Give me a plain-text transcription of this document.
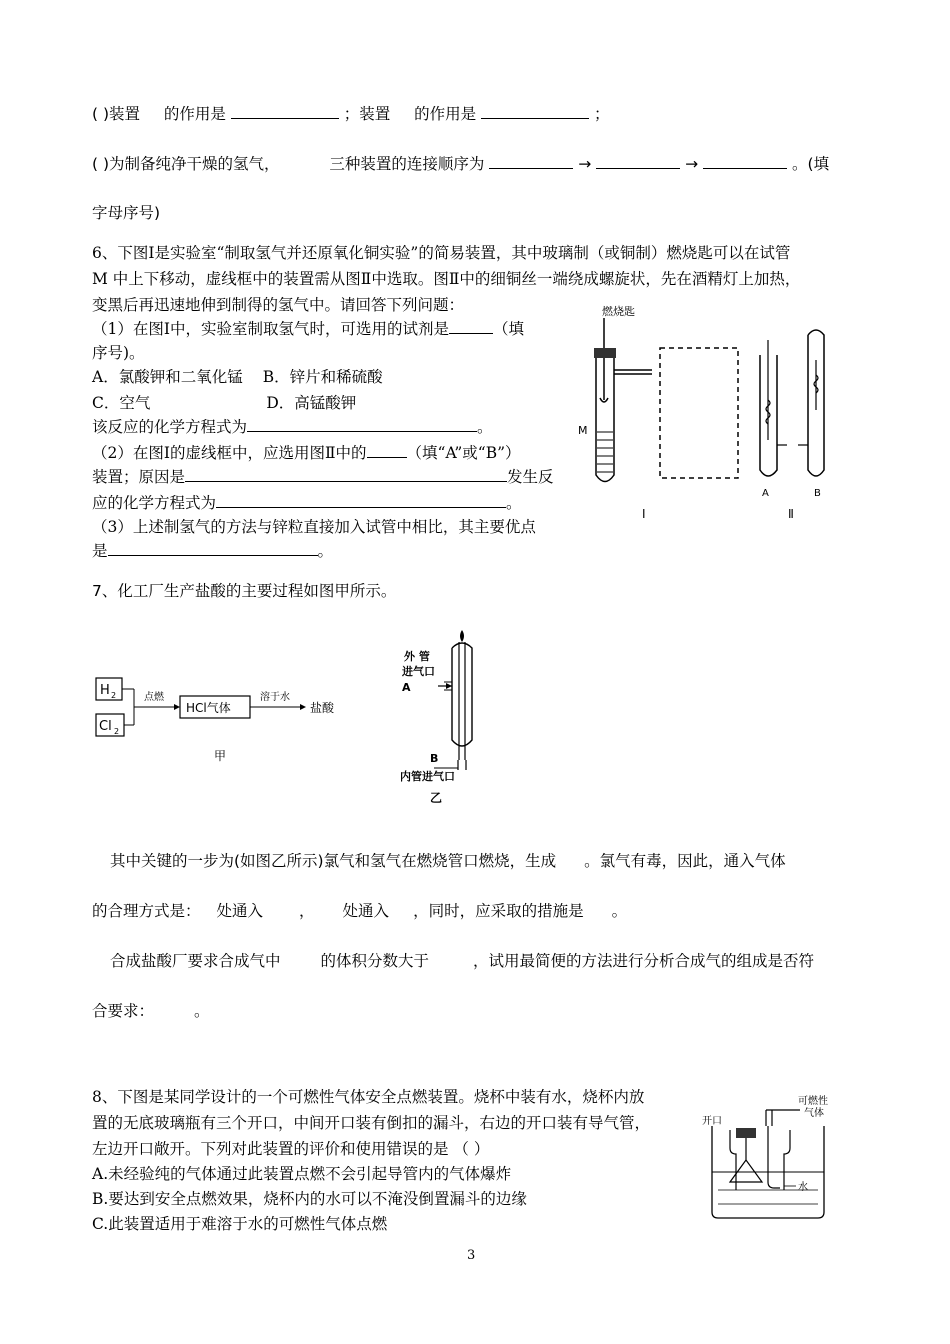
( )装置  的作用是	；装置  的作用是	；
( )为制备纯净干燥的氢气，	三种装置的连接顺序为	→	→	。(填
字母序号)
6、下图Ⅰ是实验室“制取氢气并还原氧化铜实验”的简易装置，其中玻璃制（或铜制）燃烧匙可以在试管
M 中上下移动，虚线框中的装置需从图Ⅱ中选取。图Ⅱ中的细铜丝一端绕成螺旋状，先在酒精灯上加热，
变黑后再迅速地伸到制得的氢气中。请回答下列问题：
（1）在图Ⅰ中，实验室制取氢气时，可选用的试剂是	（填
序号)。
A．氯酸钾和二氧化锰 B．锌片和稀硫酸
C．空气	D．高锰酸钾
该反应的化学方程式为	。
（2）在图Ⅰ的虚线框中，应选用图Ⅱ中的	（填“A”或“B”）
装置；原因是	发生反
应的化学方程式为	。
（3）上述制氢气的方法与锌粒直接加入试管中相比，其主要优点
是	。
燃烧匙
M
Ⅰ
A	B
Ⅱ
7、化工厂生产盐酸的主要过程如图甲所示。
H 2
Cl 2
点燃
HCl气体
溶于水
盐酸
甲
外 管
进气口
A
B
内管进气口
乙
其中关键的一步为(如图乙所示)氯气和氢气在燃烧管口燃烧，生成 。氯气有毒，因此，通入气体
的合理方式是： 处通入 ， 处通入 ，同时，应采取的措施是 。
合成盐酸厂要求合成气中	的体积分数大于	，试用最简便的方法进行分析合成气的组成是否符
合要求：	。
8、下图是某同学设计的一个可燃性气体安全点燃装置。烧杯中装有水，烧杯内放
置的无底玻璃瓶有三个开口，中间开口装有倒扣的漏斗，右边的开口装有导气管，
左边开口敞开。下列对此装置的评价和使用错误的是 （ ）
A.未经验纯的气体通过此装置点燃不会引起导管内的气体爆炸
B.要达到安全点燃效果，烧杯内的水可以不淹没倒置漏斗的边缘
C.此装置适用于难溶于水的可燃性气体点燃
可燃性
气体
开口
水
3
